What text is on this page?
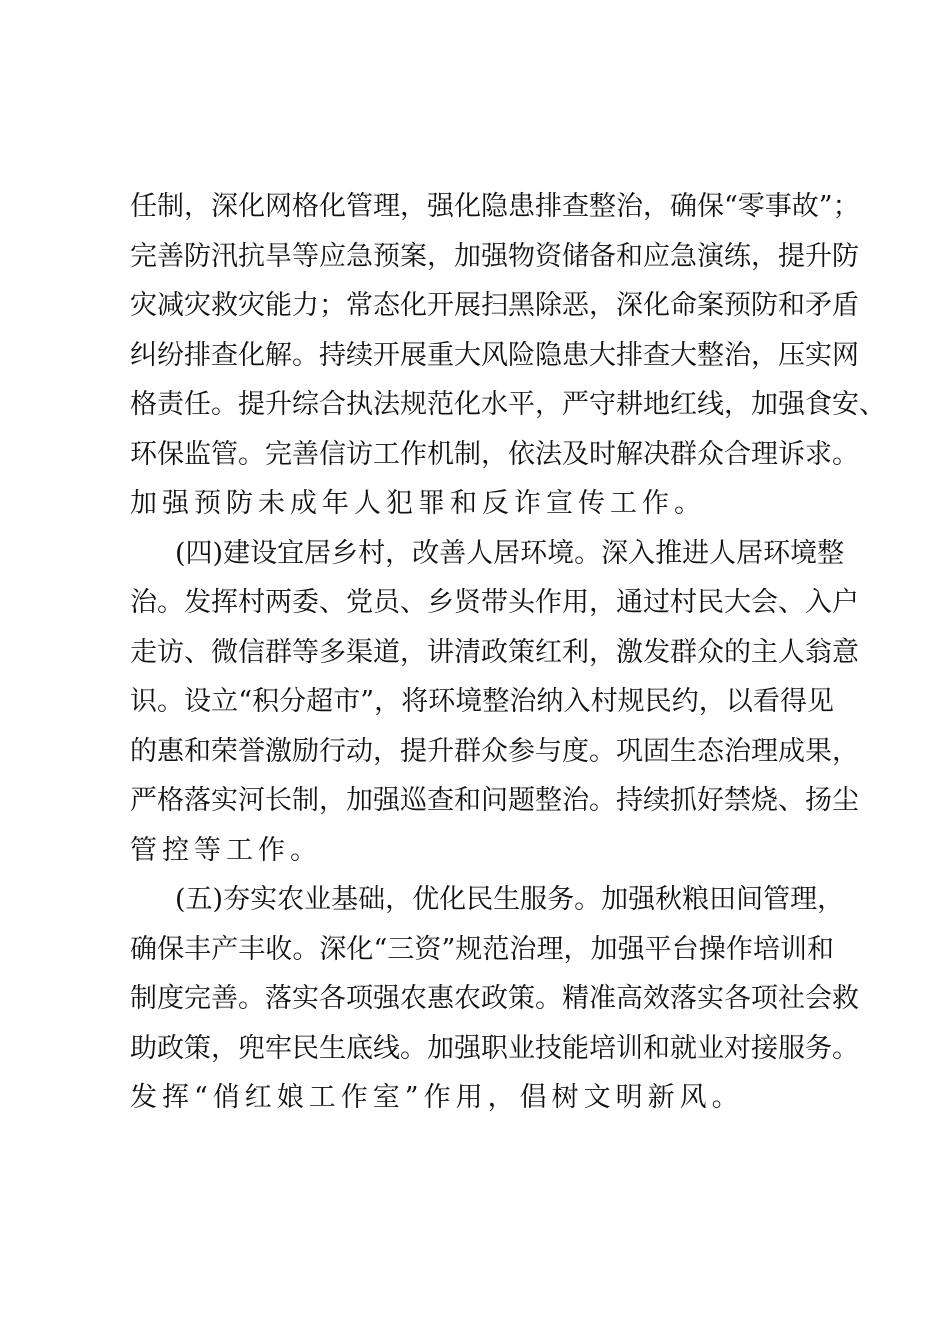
任制，深化网格化管理，强化隐患排查整治，确保“零事故”；
完善防汛抗旱等应急预案，加强物资储备和应急演练，提升防
灾减灾救灾能力；常态化开展扫黑除恶，深化命案预防和矛盾
纠纷排查化解。持续开展重大风险隐患大排查大整治，压实网
格责任。提升综合执法规范化水平，严守耕地红线，加强食安、
环保监管。完善信访工作机制，依法及时解决群众合理诉求。
加强预防未成年人犯罪和反诈宣传工作。
(四)建设宜居乡村，改善人居环境。深入推进人居环境整
治。发挥村两委、党员、乡贤带头作用，通过村民大会、入户
走访、微信群等多渠道，讲清政策红利，激发群众的主人翁意
识。设立“积分超市”，将环境整治纳入村规民约，以看得见
的惠和荣誉激励行动，提升群众参与度。巩固生态治理成果，
严格落实河长制，加强巡查和问题整治。持续抓好禁烧、扬尘
管控等工作。
(五)夯实农业基础，优化民生服务。加强秋粮田间管理，
确保丰产丰收。深化“三资”规范治理，加强平台操作培训和
制度完善。落实各项强农惠农政策。精准高效落实各项社会救
助政策，兜牢民生底线。加强职业技能培训和就业对接服务。
发挥“俏红娘工作室”作用，倡树文明新风。
